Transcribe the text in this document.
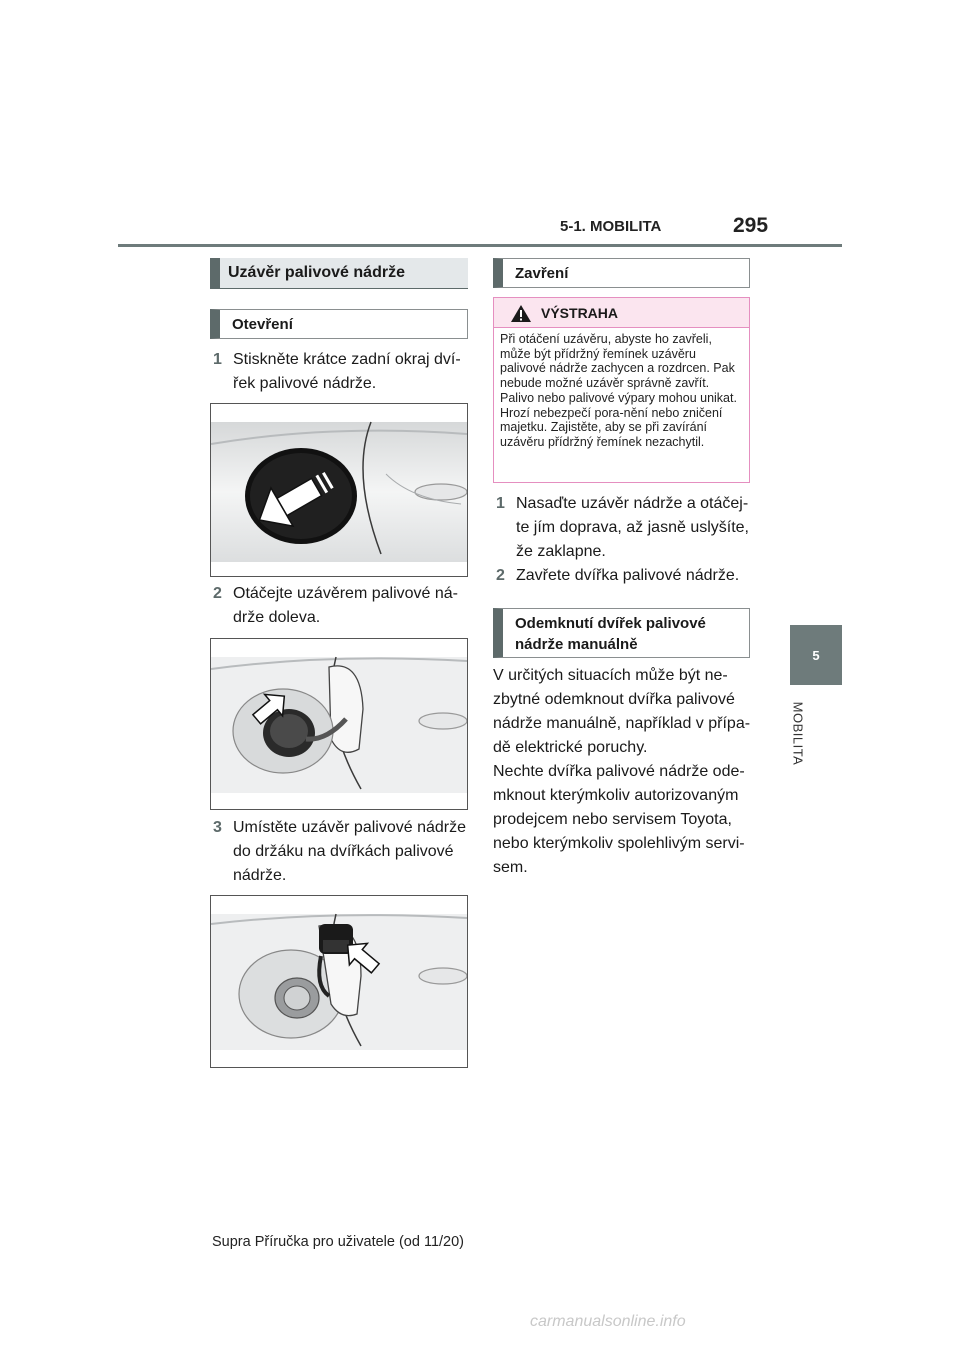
5-1. MOBILITA	295
5
MOBILITA
Uzávěr palivové nádrže
Otevření
1 Stiskněte krátce zadní okraj dví-řek palivové nádrže.
2 Otáčejte uzávěrem palivové ná-drže doleva.
3 Umístěte uzávěr palivové nádrže do držáku na dvířkách palivové nádrže.
Zavření
VÝSTRAHA
Při otáčení uzávěru, abyste ho zavřeli, může být přídržný řemínek uzávěru palivové nádrže zachycen a rozdrcen. Pak nebude možné uzávěr správně zavřít. Palivo nebo palivové výpary mohou unikat. Hrozí nebezpečí pora-nění nebo zničení majetku. Zajistěte, aby se při zavírání uzávěru přídržný řemínek nezachytil.
1 Nasaďte uzávěr nádrže a otáčej-te jím doprava, až jasně uslyšíte, že zaklapne.
2 Zavřete dvířka palivové nádrže.
Odemknutí dvířek palivové nádrže manuálně
V určitých situacích může být ne-zbytné odemknout dvířka palivové nádrže manuálně, například v přípa-dě elektrické poruchy.
Nechte dvířka palivové nádrže ode-mknout kterýmkoliv autorizovaným prodejcem nebo servisem Toyota, nebo kterýmkoliv spolehlivým servi-sem.
Supra Příručka pro uživatele (od 11/20)
carmanualsonline.info
